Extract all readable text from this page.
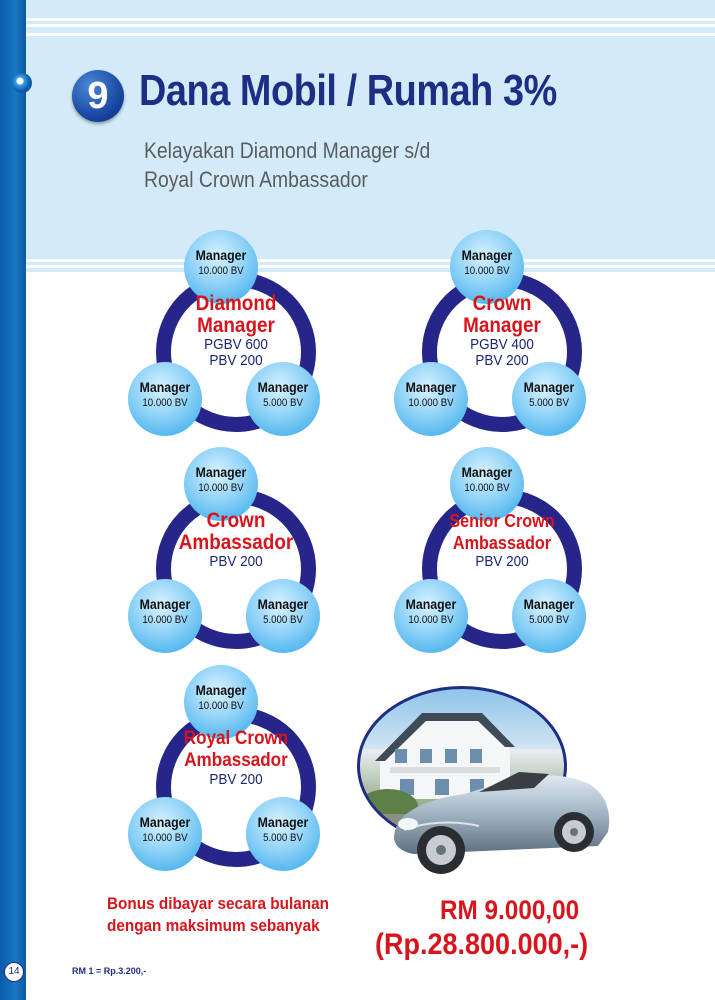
9 Dana Mobil / Rumah 3%
Kelayakan Diamond Manager s/d
Royal Crown Ambassador
Manager
10.000 BV
Manager
10.000 BV
Manager
5.000 BV
Diamond
Manager
PGBV 600
PBV 200
Manager
10.000 BV
Manager
10.000 BV
Manager
5.000 BV
Crown
Manager
PGBV 400
PBV 200
Manager
10.000 BV
Manager
10.000 BV
Manager
5.000 BV
Crown
Ambassador
PBV 200
Manager
10.000 BV
Manager
10.000 BV
Manager
5.000 BV
Senior Crown
Ambassador
PBV 200
Manager
10.000 BV
Manager
10.000 BV
Manager
5.000 BV
Royal Crown
Ambassador
PBV 200
Bonus dibayar secara bulanan
dengan maksimum sebanyak
RM 9.000,00
(Rp.28.800.000,-)
14	RM 1 = Rp.3.200,-
